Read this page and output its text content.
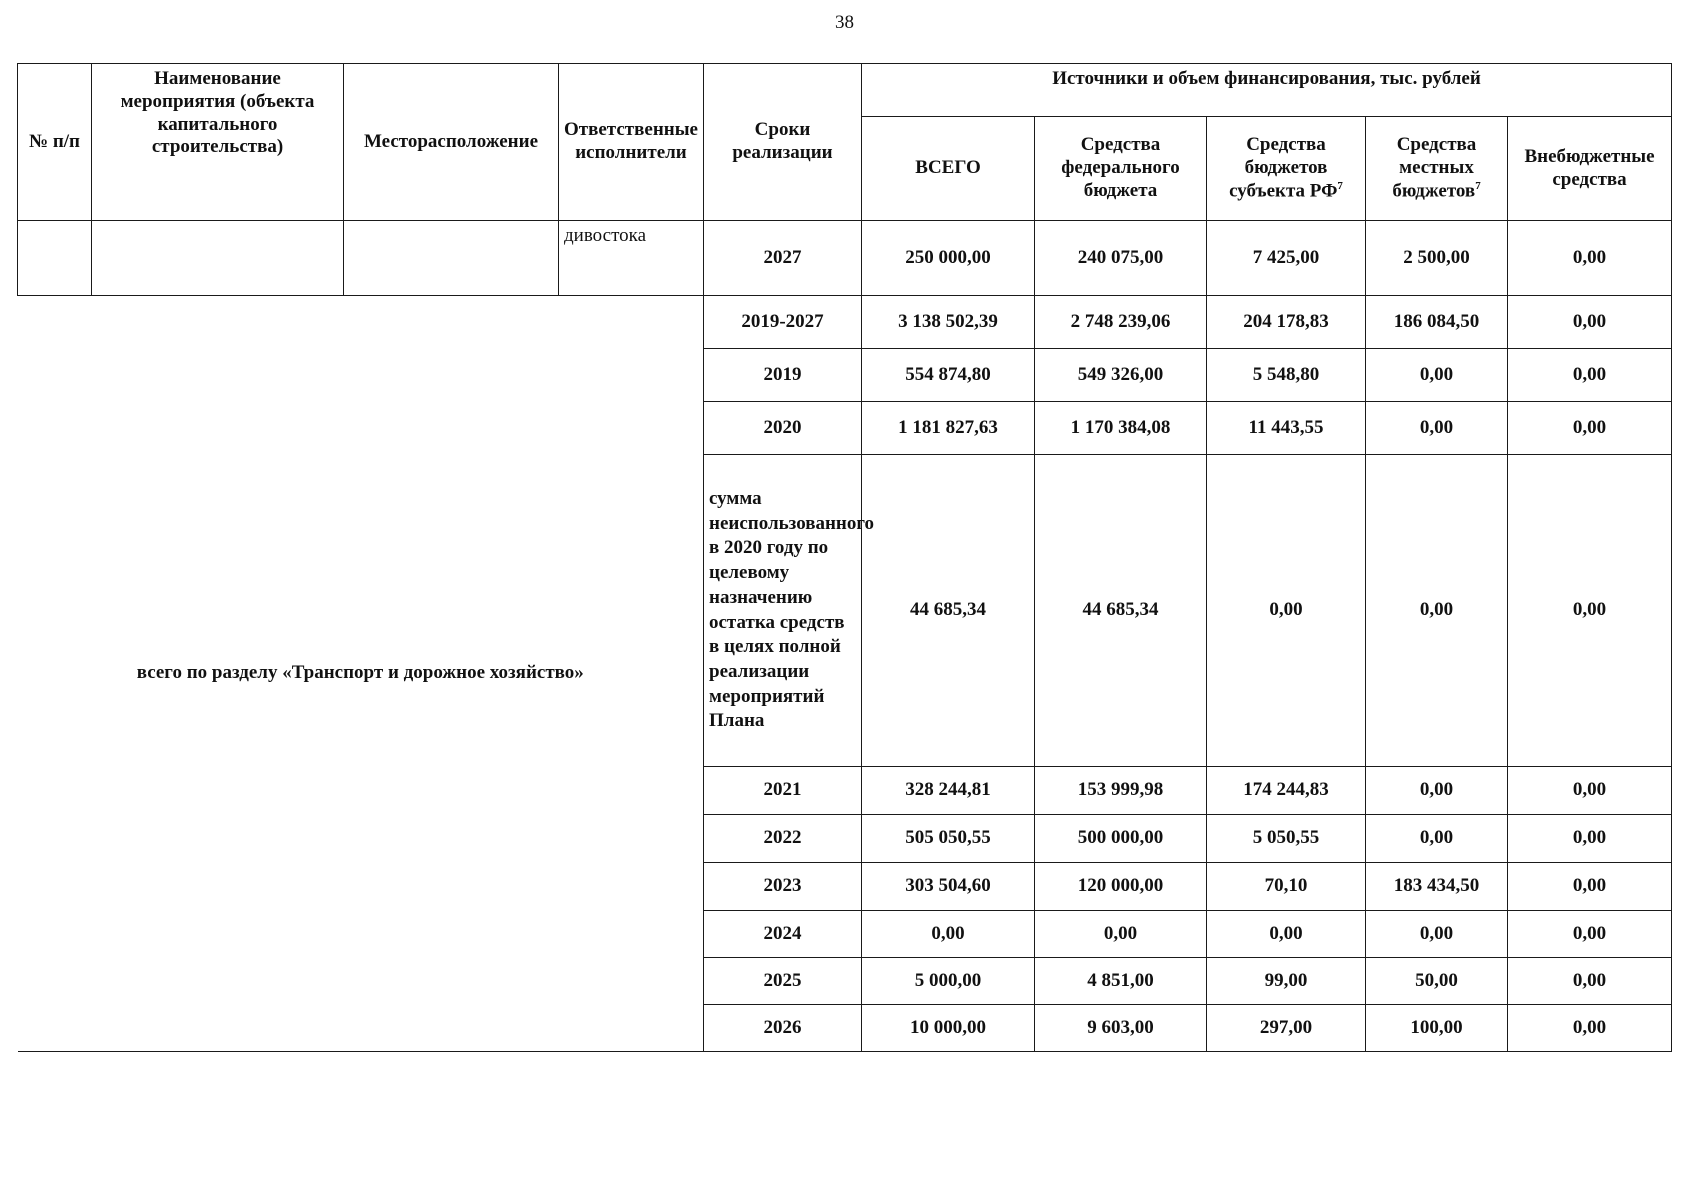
38
№ п/п	Наименование мероприятия (объекта капитального строительства)	Месторасположение	Ответственные исполнители	Сроки реализации	Источники и объем финансирования, тыс. рублей				
					ВСЕГО	Средства федерального бюджета	Средства бюджетов субъекта $РФ^7$	Средства местных бюджетов$^7$	Внебюджетные средства
			дивостока	2027	250 000,00	240 075,00	7 425,00	2 500,00	0,00
всего по разделу «Транспорт и дорожное хозяйство»				2019-2027	3 138 502,39	2 748 239,06	204 178,83	186 084,50	0,00
				2019	554 874,80	549 326,00	5 548,80	0,00	0,00
				2020	1 181 827,63	1 170 384,08	11 443,55	0,00	0,00
				сумма неиспользованного в 2020 году по целевому назначению остатка средств в целях полной реализации мероприятий Плана	44 685,34	44 685,34	0,00	0,00	0,00
				2021	328 244,81	153 999,98	174 244,83	0,00	0,00
				2022	505 050,55	500 000,00	5 050,55	0,00	0,00
				2023	303 504,60	120 000,00	70,10	183 434,50	0,00
				2024	0,00	0,00	0,00	0,00	0,00
				2025	5 000,00	4 851,00	99,00	50,00	0,00
				2026	10 000,00	9 603,00	297,00	100,00	0,00
